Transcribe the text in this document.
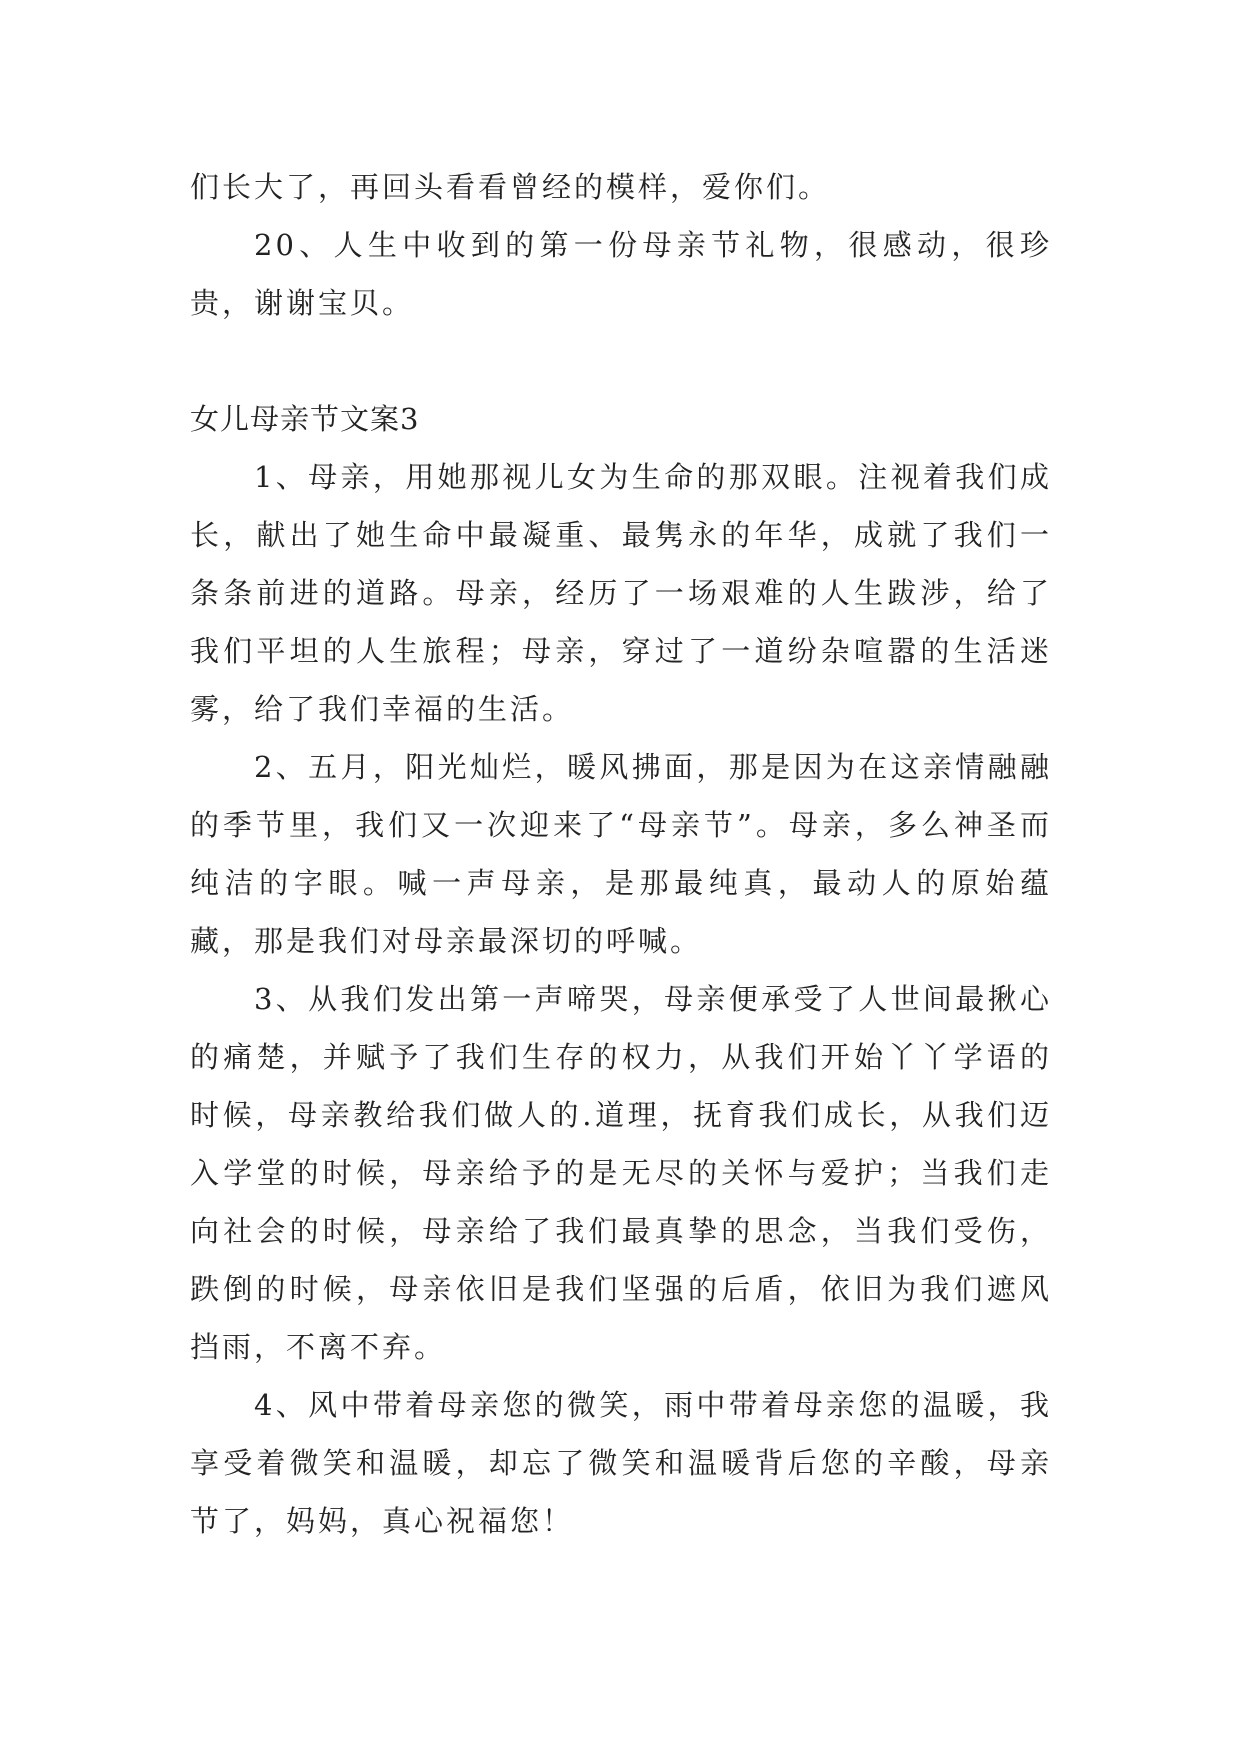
们长大了，再回头看看曾经的模样，爱你们。

20、人生中收到的第一份母亲节礼物，很感动，很珍贵，谢谢宝贝。

女儿母亲节文案3

1、母亲，用她那视儿女为生命的那双眼。注视着我们成长，献出了她生命中最凝重、最隽永的年华，成就了我们一条条前进的道路。母亲，经历了一场艰难的人生跋涉，给了我们平坦的人生旅程；母亲，穿过了一道纷杂喧嚣的生活迷雾，给了我们幸福的生活。

2、五月，阳光灿烂，暖风拂面，那是因为在这亲情融融的季节里，我们又一次迎来了“母亲节”。母亲，多么神圣而纯洁的字眼。喊一声母亲，是那最纯真，最动人的原始蕴藏，那是我们对母亲最深切的呼喊。

3、从我们发出第一声啼哭，母亲便承受了人世间最揪心的痛楚，并赋予了我们生存的权力，从我们开始丫丫学语的时候，母亲教给我们做人的.道理，抚育我们成长，从我们迈入学堂的时候，母亲给予的是无尽的关怀与爱护；当我们走向社会的时候，母亲给了我们最真挚的思念，当我们受伤，跌倒的时候，母亲依旧是我们坚强的后盾，依旧为我们遮风挡雨，不离不弃。

4、风中带着母亲您的微笑，雨中带着母亲您的温暖，我享受着微笑和温暖，却忘了微笑和温暖背后您的辛酸，母亲节了，妈妈，真心祝福您！
